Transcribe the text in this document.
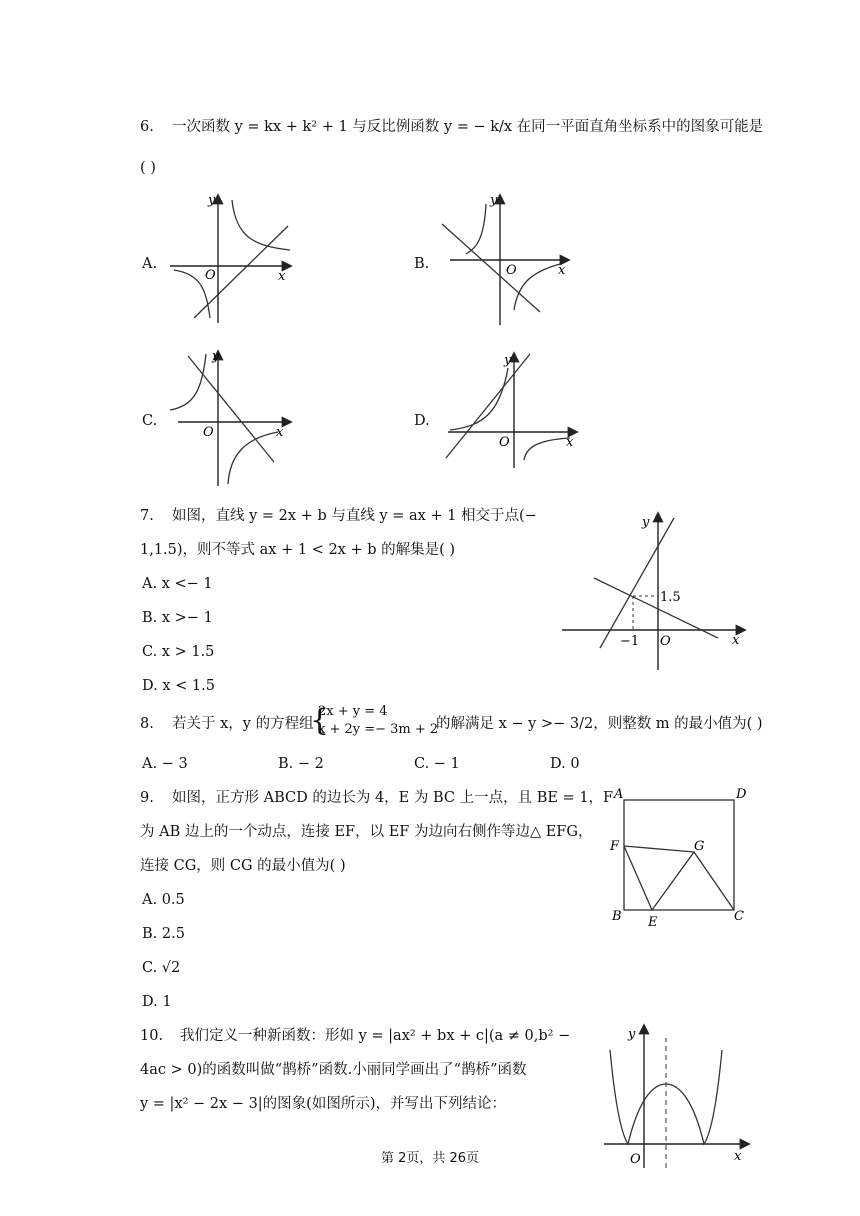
6. 一次函数 y = kx + k² + 1 与反比例函数 y = − k/x 在同一平面直角坐标系中的图象可能是
( )
A.	B.
C.	D.
y
x
O
y
x
O
y
x
O
y
x
O
7. 如图，直线 y = 2x + b 与直线 y = ax + 1 相交于点(−
1,1.5)，则不等式 ax + 1 < 2x + b 的解集是( )
A. x <− 1
B. x >− 1
C. x > 1.5
D. x < 1.5
y
x
O
1.5
−1
8. 若关于 x，y 的方程组
{
2x + y = 4
x + 2y =− 3m + 2
的解满足 x − y >− 3/2，则整数 m 的最小值为( )
A. − 3	B. − 2	C. − 1	D. 0
9. 如图，正方形 ABCD 的边长为 4，E 为 BC 上一点，且 BE = 1，F
为 AB 边上的一个动点，连接 EF，以 EF 为边向右侧作等边△ EFG，
连接 CG，则 CG 的最小值为( )
A. 0.5
B. 2.5
C. √2
D. 1
A	D
B	C
E
F	G
10. 我们定义一种新函数：形如 y = |ax² + bx + c|(a ≠ 0,b² −
4ac > 0)的函数叫做“鹊桥”函数.小丽同学画出了“鹊桥”函数
y = |x² − 2x − 3|的图象(如图所示)，并写出下列结论：
y
x
O
第 2页，共 26页
